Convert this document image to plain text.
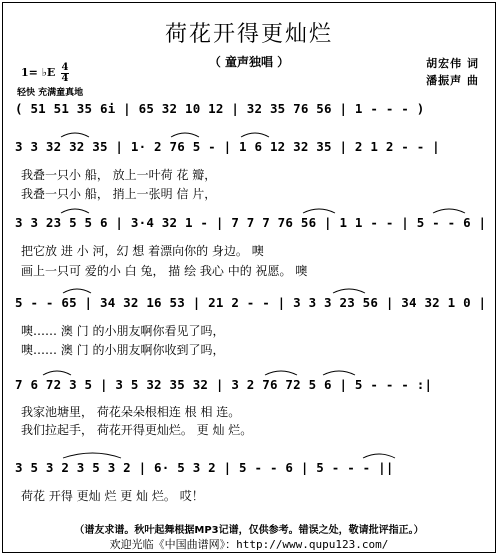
荷花开得更灿烂
（ 童声独唱 ）	胡宏伟 词
潘振声 曲
1= ♭E 4
4
轻快 充满童真地
( 51 51 35 6i | 65 32 10 12 | 32 35 76 56 | 1 - - - )
3 3 32 32 35 | 1· 2 76 5 - | 1 6 12 32 35 | 2 1 2 - - |
我叠一只小 船， 放上一叶荷 花 瓣，
我叠一只小 船， 捎上一张明 信 片，
3 3 23 5 5 6 | 3·4 32 1 - | 7 7 7 76 56 | 1 1 - - | 5 - - 6 |
把它放 进 小 河，幻 想 着漂向你的 身边。 噢
画上一只可 爱的小 白 兔， 描 绘 我心 中的 祝愿。 噢
5 - - 65 | 34 32 16 53 | 21 2 - - | 3 3 3 23 56 | 34 32 1 0 |
噢…… 澳 门 的小朋友啊你看见了吗，
噢…… 澳 门 的小朋友啊你收到了吗，
7 6 72 3 5 | 3 5 32 35 32 | 3 2 76 72 5 6 | 5 - - - :|
我家池塘里， 荷花朵朵根相连 根 相 连。
我们拉起手， 荷花开得更灿烂。 更 灿 烂。
3 5 3 2 3 5 3 2 | 6· 5 3 2 | 5 - - 6 | 5 - - - ||
荷花 开得 更灿 烂 更 灿 烂。 哎！
（谱友求谱。秋叶起舞根据MP3记谱，仅供参考。错误之处，敬请批评指正。）
欢迎光临《中国曲谱网》：http://www.qupu123.com/
